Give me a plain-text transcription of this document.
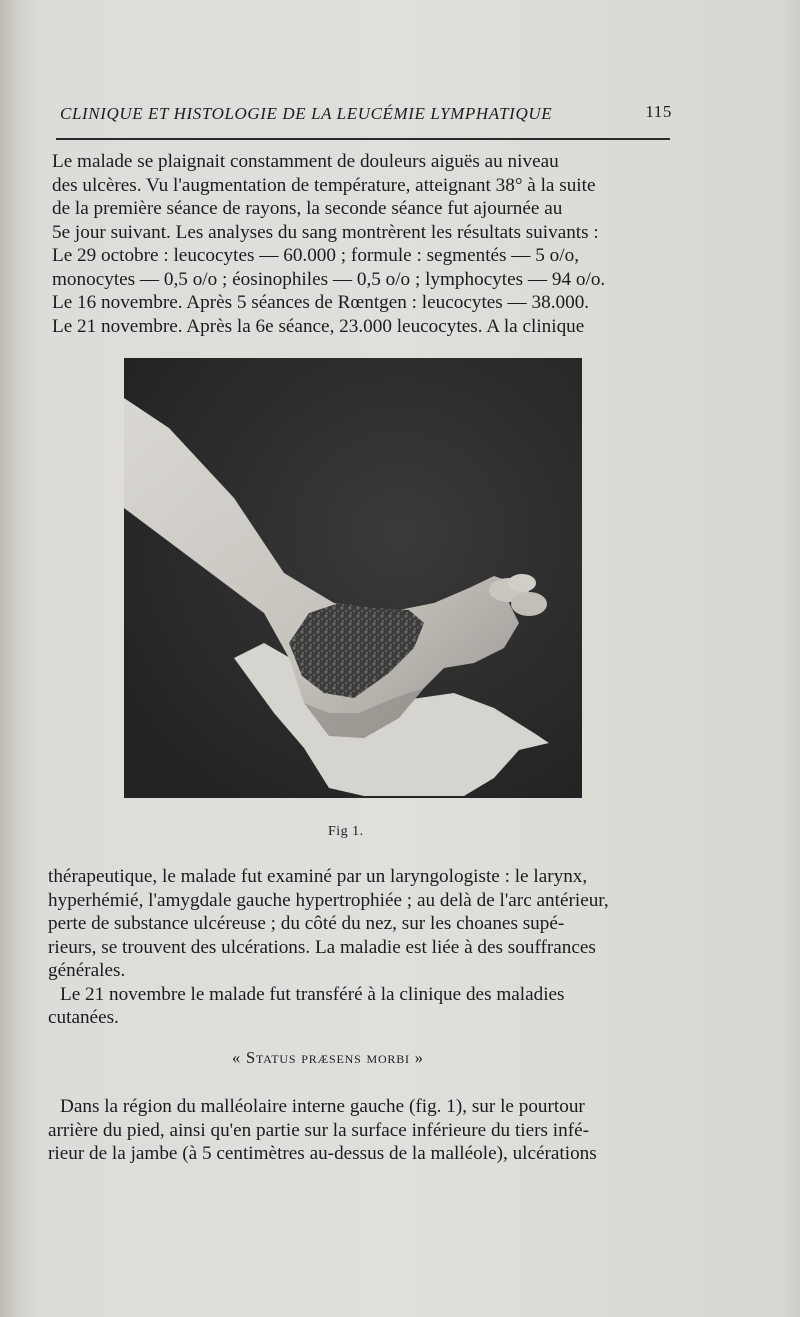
CLINIQUE ET HISTOLOGIE DE LA LEUCÉMIE LYMPHATIQUE	115
Le malade se plaignait constamment de douleurs aiguës au niveau
des ulcères. Vu l'augmentation de température, atteignant 38° à la suite
de la première séance de rayons, la seconde séance fut ajournée au
5e jour suivant. Les analyses du sang montrèrent les résultats suivants :
Le 29 octobre : leucocytes — 60.000 ; formule : segmentés — 5 o/o,
monocytes — 0,5 o/o ; éosinophiles — 0,5 o/o ; lymphocytes — 94 o/o.
Le 16 novembre. Après 5 séances de Rœntgen : leucocytes — 38.000.
Le 21 novembre. Après la 6e séance, 23.000 leucocytes. A la clinique
Fig 1.
thérapeutique, le malade fut examiné par un laryngologiste : le larynx,
hyperhémié, l'amygdale gauche hypertrophiée ; au delà de l'arc antérieur,
perte de substance ulcéreuse ; du côté du nez, sur les choanes supé-
rieurs, se trouvent des ulcérations. La maladie est liée à des souffrances
générales.
Le 21 novembre le malade fut transféré à la clinique des maladies
cutanées.
« Status præsens morbi »
Dans la région du malléolaire interne gauche (fig. 1), sur le pourtour
arrière du pied, ainsi qu'en partie sur la surface inférieure du tiers infé-
rieur de la jambe (à 5 centimètres au-dessus de la malléole), ulcérations
